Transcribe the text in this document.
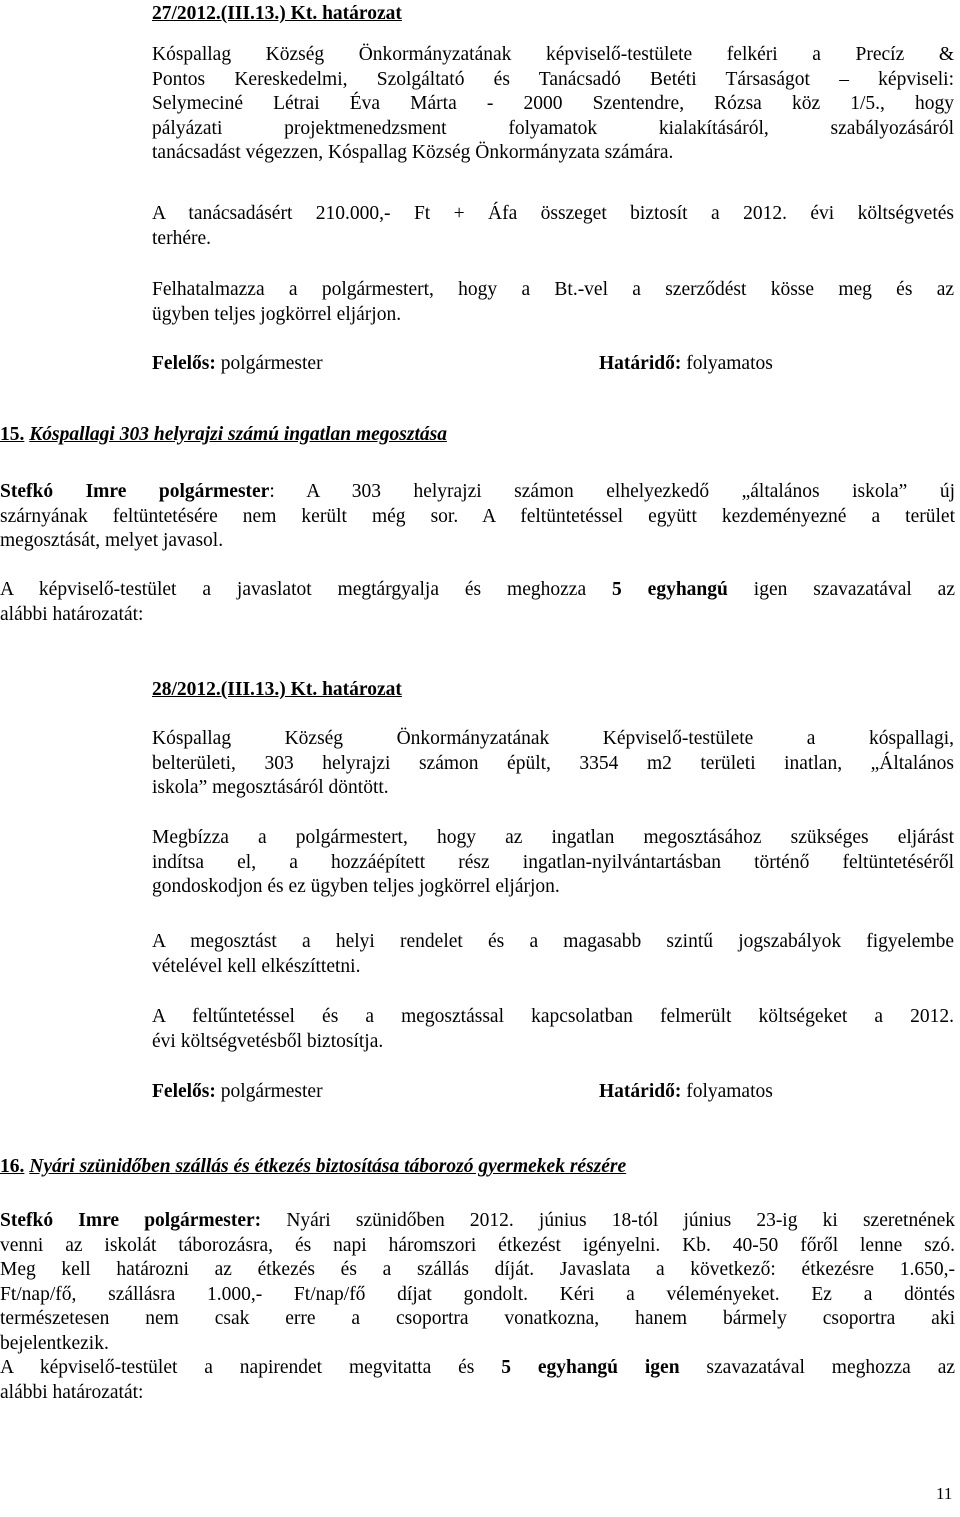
27/2012.(III.13.) Kt. határozat

Kóspallag Község Önkormányzatának képviselő-testülete felkéri a Precíz &
Pontos Kereskedelmi, Szolgáltató és Tanácsadó Betéti Társaságot – képviseli:
Selymeciné Létrai Éva Márta - 2000 Szentendre, Rózsa köz 1/5., hogy
pályázati projektmenedzsment folyamatok kialakításáról, szabályozásáról
tanácsadást végezzen, Kóspallag Község Önkormányzata számára.
A tanácsadásért 210.000,- Ft + Áfa összeget biztosít a 2012. évi költségvetés
terhére.
Felhatalmazza a polgármestert, hogy a Bt.-vel a szerződést kösse meg és az
ügyben teljes jogkörrel eljárjon.

Felelős: polgármester	Határidő: folyamatos

15. Kóspallagi 303 helyrajzi számú ingatlan megosztása

Stefkó Imre polgármester: A 303 helyrajzi számon elhelyezkedő „általános iskola” új
szárnyának feltüntetésére nem került még sor. A feltüntetéssel együtt kezdeményezné a terület
megosztását, melyet javasol.
A képviselő-testület a javaslatot megtárgyalja és meghozza 5 egyhangú igen szavazatával az
alábbi határozatát:

28/2012.(III.13.) Kt. határozat

Kóspallag Község Önkormányzatának Képviselő-testülete a kóspallagi,
belterületi, 303 helyrajzi számon épült, 3354 m2 területi inatlan, „Általános
iskola” megosztásáról döntött.
Megbízza a polgármestert, hogy az ingatlan megosztásához szükséges eljárást
indítsa el, a hozzáépített rész ingatlan-nyilvántartásban történő feltüntetéséről
gondoskodjon és ez ügyben teljes jogkörrel eljárjon.
A megosztást a helyi rendelet és a magasabb szintű jogszabályok figyelembe
vételével kell elkészíttetni.
A feltűntetéssel és a megosztással kapcsolatban felmerült költségeket a 2012.
évi költségvetésből biztosítja.

Felelős: polgármester	Határidő: folyamatos

16. Nyári szünidőben szállás és étkezés biztosítása táborozó gyermekek részére

Stefkó Imre polgármester: Nyári szünidőben 2012. június 18-tól június 23-ig ki szeretnének
venni az iskolát táborozásra, és napi háromszori étkezést igényelni. Kb. 40-50 főről lenne szó.
Meg kell határozni az étkezés és a szállás díját. Javaslata a következő: étkezésre 1.650,-
Ft/nap/fő, szállásra 1.000,- Ft/nap/fő díjat gondolt. Kéri a véleményeket. Ez a döntés
természetesen nem csak erre a csoportra vonatkozna, hanem bármely csoportra aki
bejelentkezik.
A képviselő-testület a napirendet megvitatta és 5 egyhangú igen szavazatával meghozza az
alábbi határozatát:
11
